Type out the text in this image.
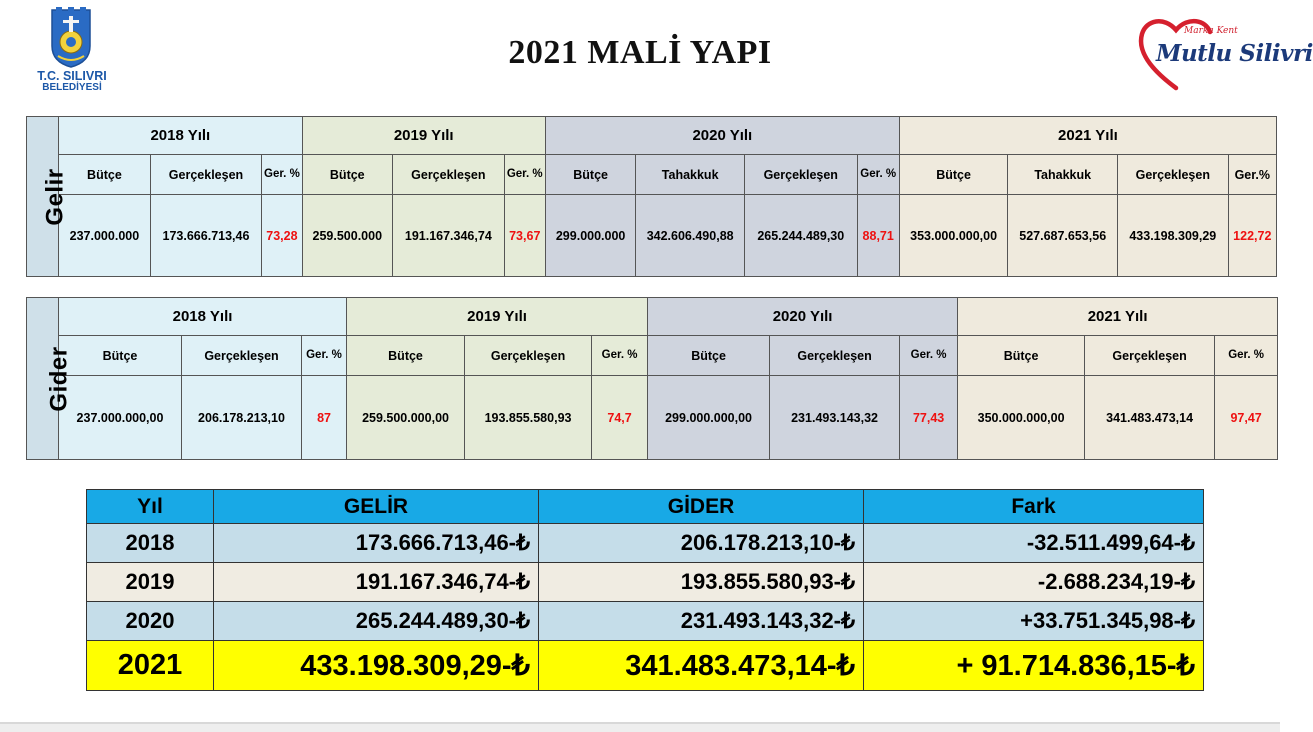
T.C. SILIVRI
BELEDİYESİ
2021 MALİ YAPI
Marka Kent
Mutlu Silivri
Gelir	2018 Yılı			2019 Yılı			2020 Yılı				2021 Yılı			
	Bütçe	Gerçekleşen	Ger. %	Bütçe	Gerçekleşen	Ger. %	Bütçe	Tahakkuk	Gerçekleşen	Ger. %	Bütçe	Tahakkuk	Gerçekleşen	Ger.%
	237.000.000	173.666.713,46	73,28	259.500.000	191.167.346,74	73,67	299.000.000	342.606.490,88	265.244.489,30	88,71	353.000.000,00	527.687.653,56	433.198.309,29	122,72
Gider	2018 Yılı			2019 Yılı			2020 Yılı			2021 Yılı		
	Bütçe	Gerçekleşen	Ger. %	Bütçe	Gerçekleşen	Ger. %	Bütçe	Gerçekleşen	Ger. %	Bütçe	Gerçekleşen	Ger. %
	237.000.000,00	206.178.213,10	87	259.500.000,00	193.855.580,93	74,7	299.000.000,00	231.493.143,32	77,43	350.000.000,00	341.483.473,14	97,47
Yıl	GELİR	GİDER	Fark
2018	173.666.713,46-₺	206.178.213,10-₺	-32.511.499,64-₺
2019	191.167.346,74-₺	193.855.580,93-₺	-2.688.234,19-₺
2020	265.244.489,30-₺	231.493.143,32-₺	+33.751.345,98-₺
2021	433.198.309,29-₺	341.483.473,14-₺	+ 91.714.836,15-₺
